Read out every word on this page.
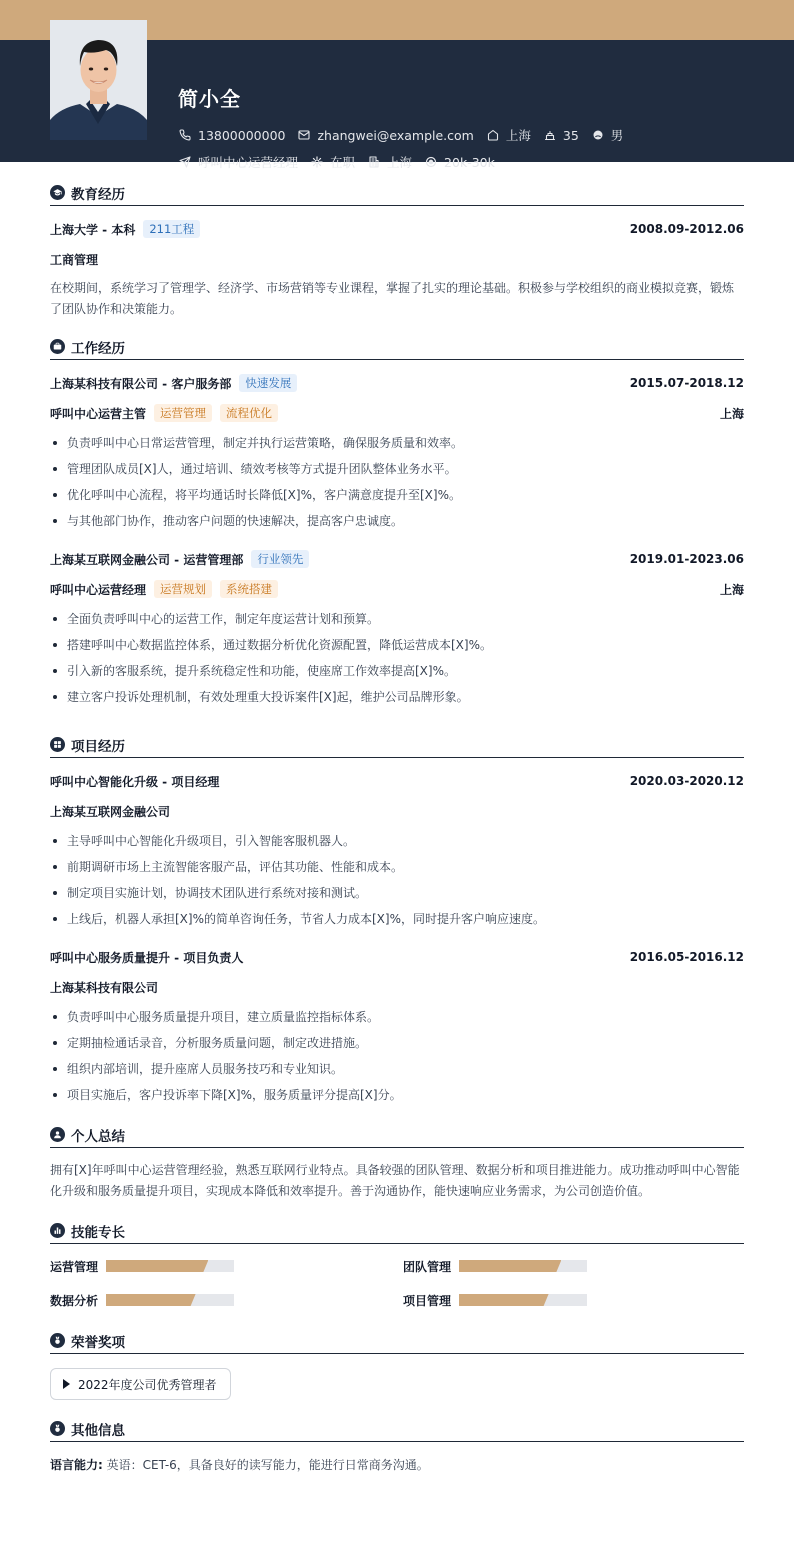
13800000000	zhangwei@example.com	上海	35	男
呼叫中心运营经理	在职	上海	20k-30k
简小全
教育经历
上海大学 - 本科	211工程	2008.09-2012.06
工商管理
在校期间，系统学习了管理学、经济学、市场营销等专业课程，掌握了扎实的理论基础。积极参与学校组织的商业模拟竞赛，锻炼了团队协作和决策能力。
工作经历
上海某科技有限公司 - 客户服务部	快速发展	2015.07-2018.12
呼叫中心运营主管	运营管理	流程优化	上海
负责呼叫中心日常运营管理，制定并执行运营策略，确保服务质量和效率。
管理团队成员[X]人，通过培训、绩效考核等方式提升团队整体业务水平。
优化呼叫中心流程，将平均通话时长降低[X]%，客户满意度提升至[X]%。
与其他部门协作，推动客户问题的快速解决，提高客户忠诚度。
上海某互联网金融公司 - 运营管理部	行业领先	2019.01-2023.06
呼叫中心运营经理	运营规划	系统搭建	上海
全面负责呼叫中心的运营工作，制定年度运营计划和预算。
搭建呼叫中心数据监控体系，通过数据分析优化资源配置，降低运营成本[X]%。
引入新的客服系统，提升系统稳定性和功能，使座席工作效率提高[X]%。
建立客户投诉处理机制，有效处理重大投诉案件[X]起，维护公司品牌形象。
项目经历
呼叫中心智能化升级 - 项目经理	2020.03-2020.12
上海某互联网金融公司
主导呼叫中心智能化升级项目，引入智能客服机器人。
前期调研市场上主流智能客服产品，评估其功能、性能和成本。
制定项目实施计划，协调技术团队进行系统对接和测试。
上线后，机器人承担[X]%的简单咨询任务，节省人力成本[X]%，同时提升客户响应速度。
呼叫中心服务质量提升 - 项目负责人	2016.05-2016.12
上海某科技有限公司
负责呼叫中心服务质量提升项目，建立质量监控指标体系。
定期抽检通话录音，分析服务质量问题，制定改进措施。
组织内部培训，提升座席人员服务技巧和专业知识。
项目实施后，客户投诉率下降[X]%，服务质量评分提高[X]分。
个人总结
拥有[X]年呼叫中心运营管理经验，熟悉互联网行业特点。具备较强的团队管理、数据分析和项目推进能力。成功推动呼叫中心智能化升级和服务质量提升项目，实现成本降低和效率提升。善于沟通协作，能快速响应业务需求，为公司创造价值。
技能专长
运营管理	团队管理
数据分析	项目管理
荣誉奖项
2022年度公司优秀管理者
其他信息
语言能力: 英语：CET-6，具备良好的读写能力，能进行日常商务沟通。
